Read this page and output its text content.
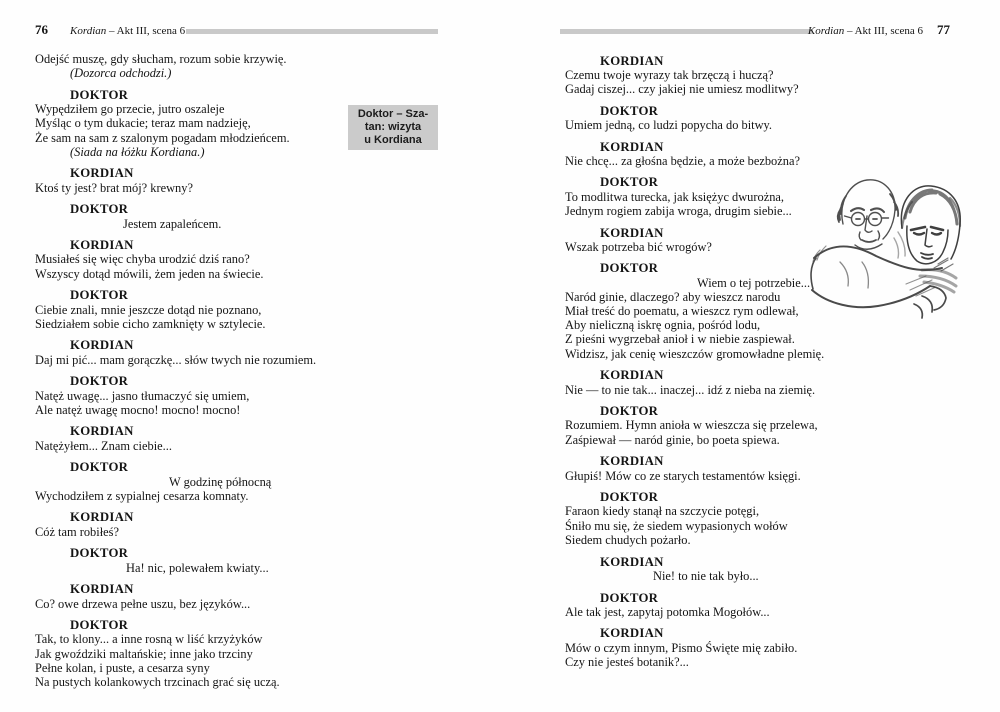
76 Kordian – Akt III, scena 6	Kordian – Akt III, scena 6 77

Odejść muszę, gdy słucham, rozum sobie krzywię.

(Dozorca odchodzi.)

DOKTOR

Wypędziłem go przecie, jutro oszaleje

Myśląc o tym dukacie; teraz mam nadzieję,

Że sam na sam z szalonym pogadam młodzieńcem.

(Siada na łóżku Kordiana.)

KORDIAN

Ktoś ty jest? brat mój? krewny?

DOKTOR

Jestem zapaleńcem.

KORDIAN

Musiałeś się więc chyba urodzić dziś rano?

Wszyscy dotąd mówili, żem jeden na świecie.

DOKTOR

Ciebie znali, mnie jeszcze dotąd nie poznano,

Siedziałem sobie cicho zamknięty w sztylecie.

KORDIAN

Daj mi pić... mam gorączkę... słów twych nie rozumiem.

DOKTOR

Natęż uwagę... jasno tłumaczyć się umiem,

Ale natęż uwagę mocno! mocno! mocno!

KORDIAN

Natężyłem... Znam ciebie...

DOKTOR

W godzinę północną

Wychodziłem z sypialnej cesarza komnaty.

KORDIAN

Cóż tam robiłeś?

DOKTOR

Ha! nic, polewałem kwiaty...

KORDIAN

Co? owe drzewa pełne uszu, bez języków...

DOKTOR

Tak, to klony... a inne rosną w liść krzyżyków

Jak gwoździki maltańskie; inne jako trzciny

Pełne kolan, i puste, a cesarza syny

Na pustych kolankowych trzcinach grać się uczą.

KORDIAN

Czemu twoje wyrazy tak brzęczą i huczą?

Gadaj ciszej... czy jakiej nie umiesz modlitwy?

DOKTOR

Umiem jedną, co ludzi popycha do bitwy.

KORDIAN

Nie chcę... za głośna będzie, a może bezbożna?

DOKTOR

To modlitwa turecka, jak księżyc dwurożna,

Jednym rogiem zabija wroga, drugim siebie...

KORDIAN

Wszak potrzeba bić wrogów?

DOKTOR

Wiem o tej potrzebie...

Naród ginie, dlaczego? aby wieszcz narodu

Miał treść do poematu, a wieszcz rym odlewał,

Aby nieliczną iskrę ognia, pośród lodu,

Z pieśni wygrzebał anioł i w niebie zaspiewał.

Widzisz, jak cenię wieszczów gromowładne plemię.

KORDIAN

Nie — to nie tak... inaczej... idź z nieba na ziemię.

DOKTOR

Rozumiem. Hymn anioła w wieszcza się przelewa,

Zaśpiewał — naród ginie, bo poeta spiewa.

KORDIAN

Głupiś! Mów co ze starych testamentów księgi.

DOKTOR

Faraon kiedy stanął na szczycie potęgi,

Śniło mu się, że siedem wypasionych wołów

Siedem chudych pożarło.

KORDIAN

Nie! to nie tak było...

DOKTOR

Ale tak jest, zapytaj potomka Mogołów...

KORDIAN

Mów o czym innym, Pismo Święte mię zabiło.

Czy nie jesteś botanik?...

Doktor – Sza-
tan: wizyta
u Kordiana
